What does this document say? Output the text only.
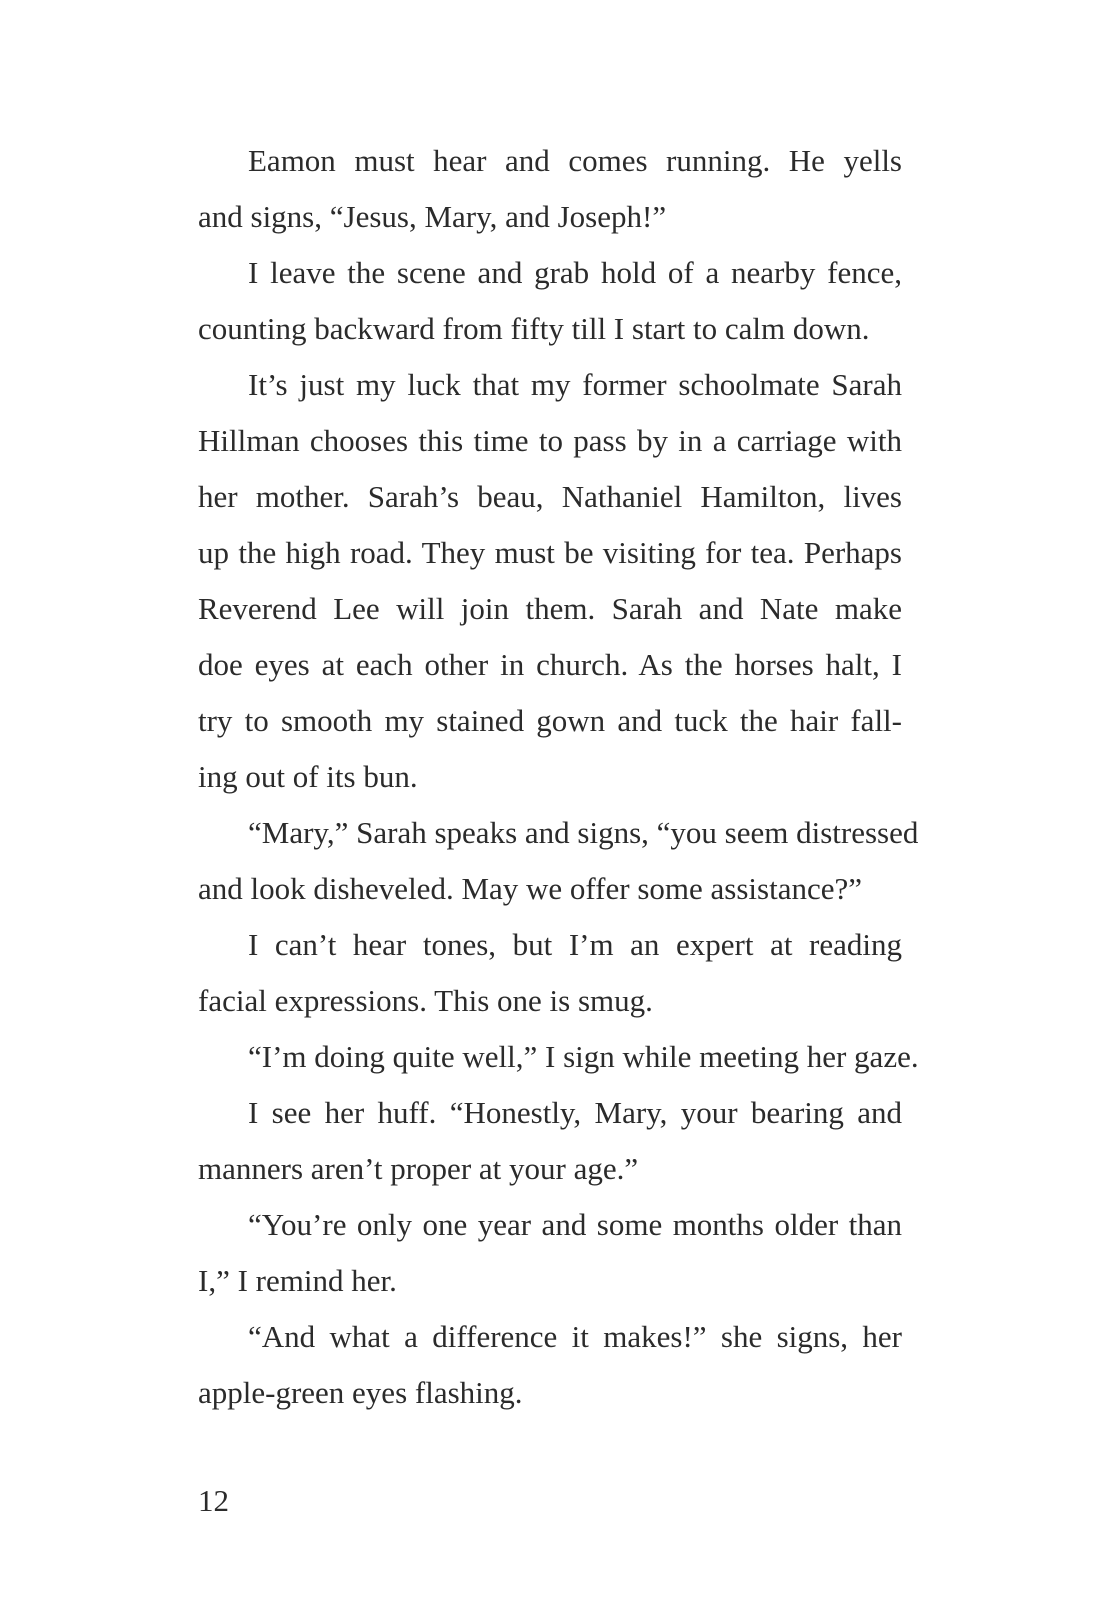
Eamon must hear and comes running. He yells
and signs, “Jesus, Mary, and Joseph!”
I leave the scene and grab hold of a nearby fence,
counting backward from fifty till I start to calm down.
It’s just my luck that my former schoolmate Sarah
Hillman chooses this time to pass by in a carriage with
her mother. Sarah’s beau, Nathaniel Hamilton, lives
up the high road. They must be visiting for tea. Perhaps
Reverend Lee will join them. Sarah and Nate make
doe eyes at each other in church. As the horses halt, I
try to smooth my stained gown and tuck the hair fall-
ing out of its bun.
“Mary,” Sarah speaks and signs, “you seem distressed
and look disheveled. May we offer some assistance?”
I can’t hear tones, but I’m an expert at reading
facial expressions. This one is smug.
“I’m doing quite well,” I sign while meeting her gaze.
I see her huff. “Honestly, Mary, your bearing and
manners aren’t proper at your age.”
“You’re only one year and some months older than
I,” I remind her.
“And what a difference it makes!” she signs, her
apple-green eyes flashing.
12
